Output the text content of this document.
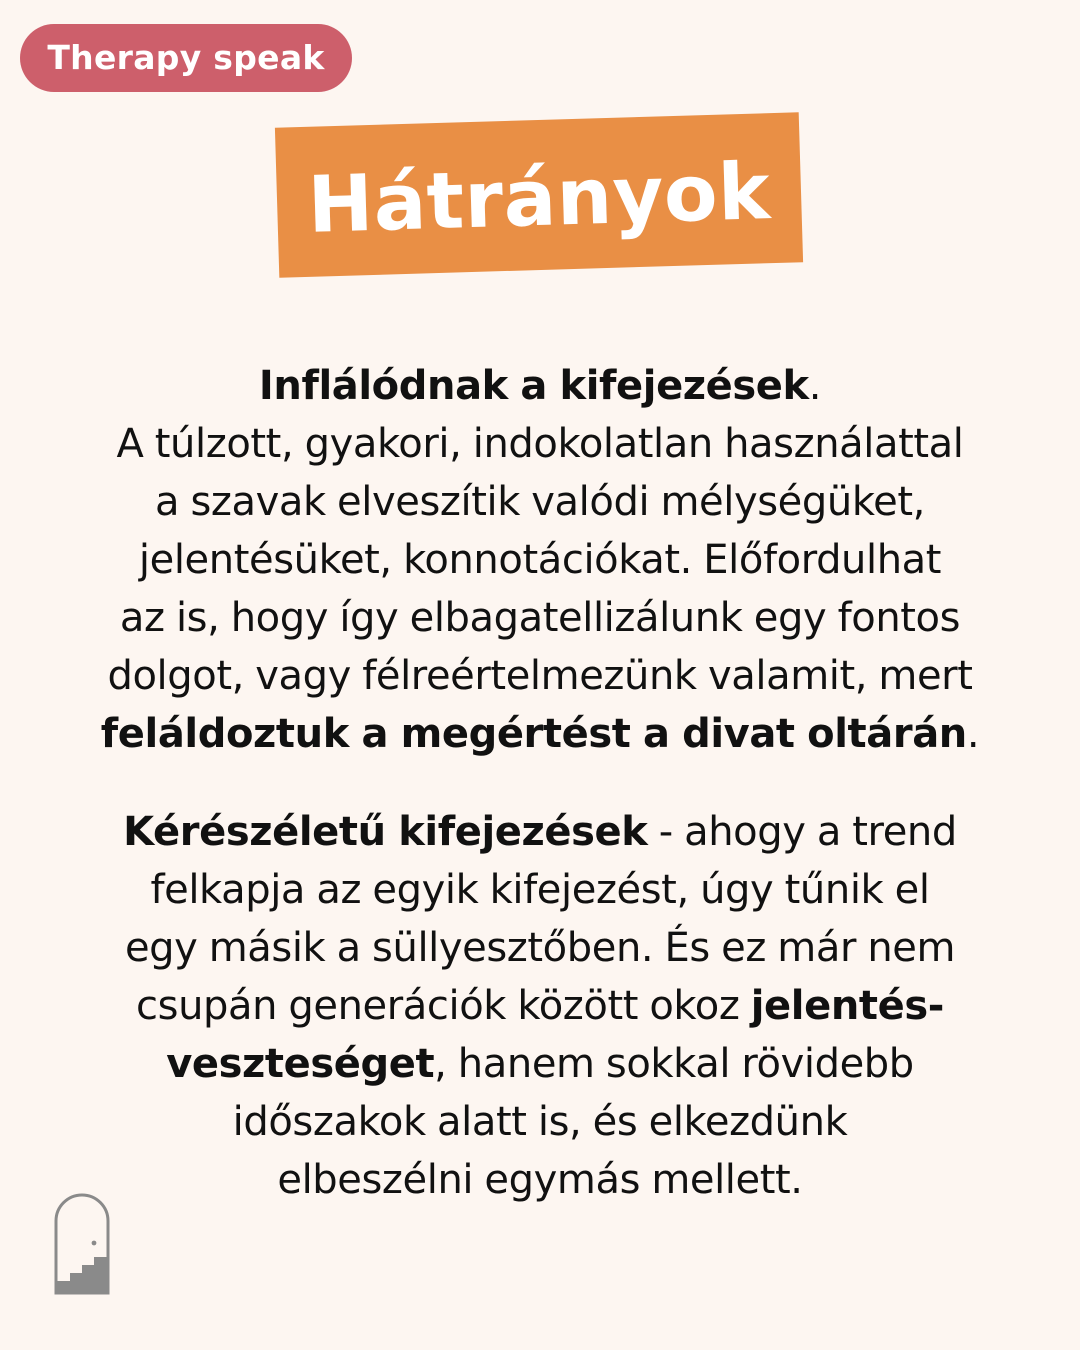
Therapy speak
Hátrányok
Inflálódnak a kifejezések.
A túlzott, gyakori, indokolatlan használattal
a szavak elveszítik valódi mélységüket,
jelentésüket, konnotációkat. Előfordulhat
az is, hogy így elbagatellizálunk egy fontos
dolgot, vagy félreértelmezünk valamit, mert
feláldoztuk a megértést a divat oltárán.
Kérészéletű kifejezések - ahogy a trend
felkapja az egyik kifejezést, úgy tűnik el
egy másik a süllyesztőben. És ez már nem
csupán generációk között okoz jelentés-
veszteséget, hanem sokkal rövidebb
időszakok alatt is, és elkezdünk
elbeszélni egymás mellett.
